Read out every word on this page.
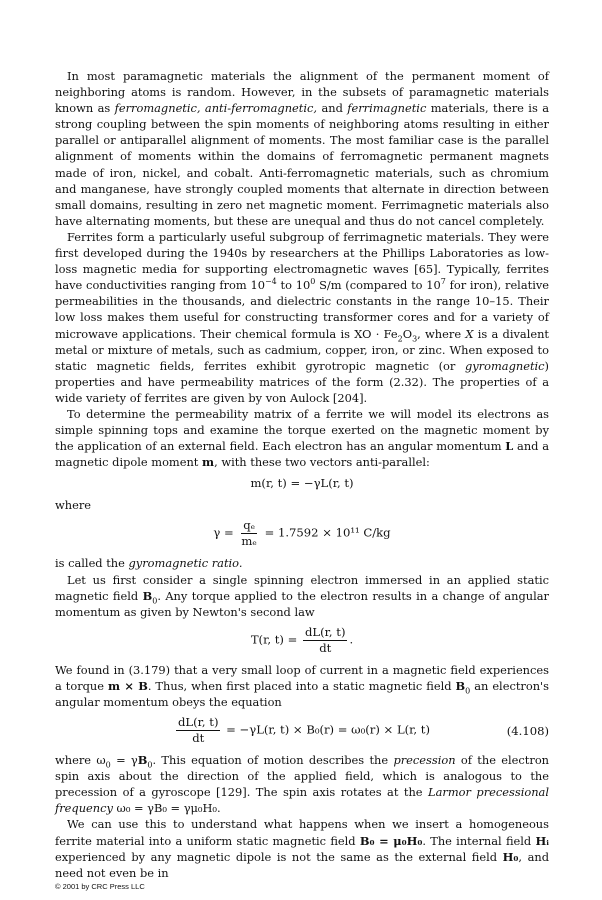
In most paramagnetic materials the alignment of the permanent moment of neighboring atoms is random. However, in the subsets of paramagnetic materials known as ferromagnetic, anti-ferromagnetic, and ferrimagnetic materials, there is a strong coupling between the spin moments of neighboring atoms resulting in either parallel or antiparallel alignment of moments. The most familiar case is the parallel alignment of moments within the domains of ferromagnetic permanent magnets made of iron, nickel, and cobalt. Anti-ferromagnetic materials, such as chromium and manganese, have strongly coupled moments that alternate in direction between small domains, resulting in zero net magnetic moment. Ferrimagnetic materials also have alternating moments, but these are unequal and thus do not cancel completely.

Ferrites form a particularly useful subgroup of ferrimagnetic materials. They were first developed during the 1940s by researchers at the Phillips Laboratories as low-loss magnetic media for supporting electromagnetic waves [65]. Typically, ferrites have conductivities ranging from $10^{-4}$ to $10^0$ S/m (compared to $10^7$ for iron), relative permeabilities in the thousands, and dielectric constants in the range 10–15. Their low loss makes them useful for constructing transformer cores and for a variety of microwave applications. Their chemical formula is XO · $Fe_2O_3$, where X is a divalent metal or mixture of metals, such as cadmium, copper, iron, or zinc. When exposed to static magnetic fields, ferrites exhibit gyrotropic magnetic (or gyromagnetic) properties and have permeability matrices of the form (2.32). The properties of a wide variety of ferrites are given by von Aulock [204].

To determine the permeability matrix of a ferrite we will model its electrons as simple spinning tops and examine the torque exerted on the magnetic moment by the application of an external field. Each electron has an angular momentum L and a magnetic dipole moment m, with these two vectors anti-parallel:

m(r, t) = −γL(r, t)

where

$\gamma = \frac{\text{qₑ}}{\text{mₑ}} = 1.7592 \times 10^{11}$ C/kg

is called the gyromagnetic ratio.

Let us first consider a single spinning electron immersed in an applied static magnetic field $B_0$. Any torque applied to the electron results in a change of angular momentum as given by Newton's second law

T(r, $t) = \frac{dL(r, t)}{dt}$ .

We found in (3.179) that a very small loop of current in a magnetic field experiences a torque m × B. Thus, when first placed into a static magnetic field $B_0$ an electron's angular momentum obeys the equation

$\frac{dL(r, t)}{dt} = -\gamma L(r$, t) × B₀(r) = ω₀(r) × L(r, t)	(4.108)

where $\omega_0 = \gamma B_0$. This equation of motion describes the precession of the electron spin axis about the direction of the applied field, which is analogous to the precession of a gyroscope [129]. The spin axis rotates at the Larmor precessional frequency ω₀ = γB₀ = γμ₀H₀.

We can use this to understand what happens when we insert a homogeneous ferrite material into a uniform static magnetic field B₀ = μ₀H₀. The internal field Hᵢ experienced by any magnetic dipole is not the same as the external field H₀, and need not even be in

© 2001 by CRC Press LLC
